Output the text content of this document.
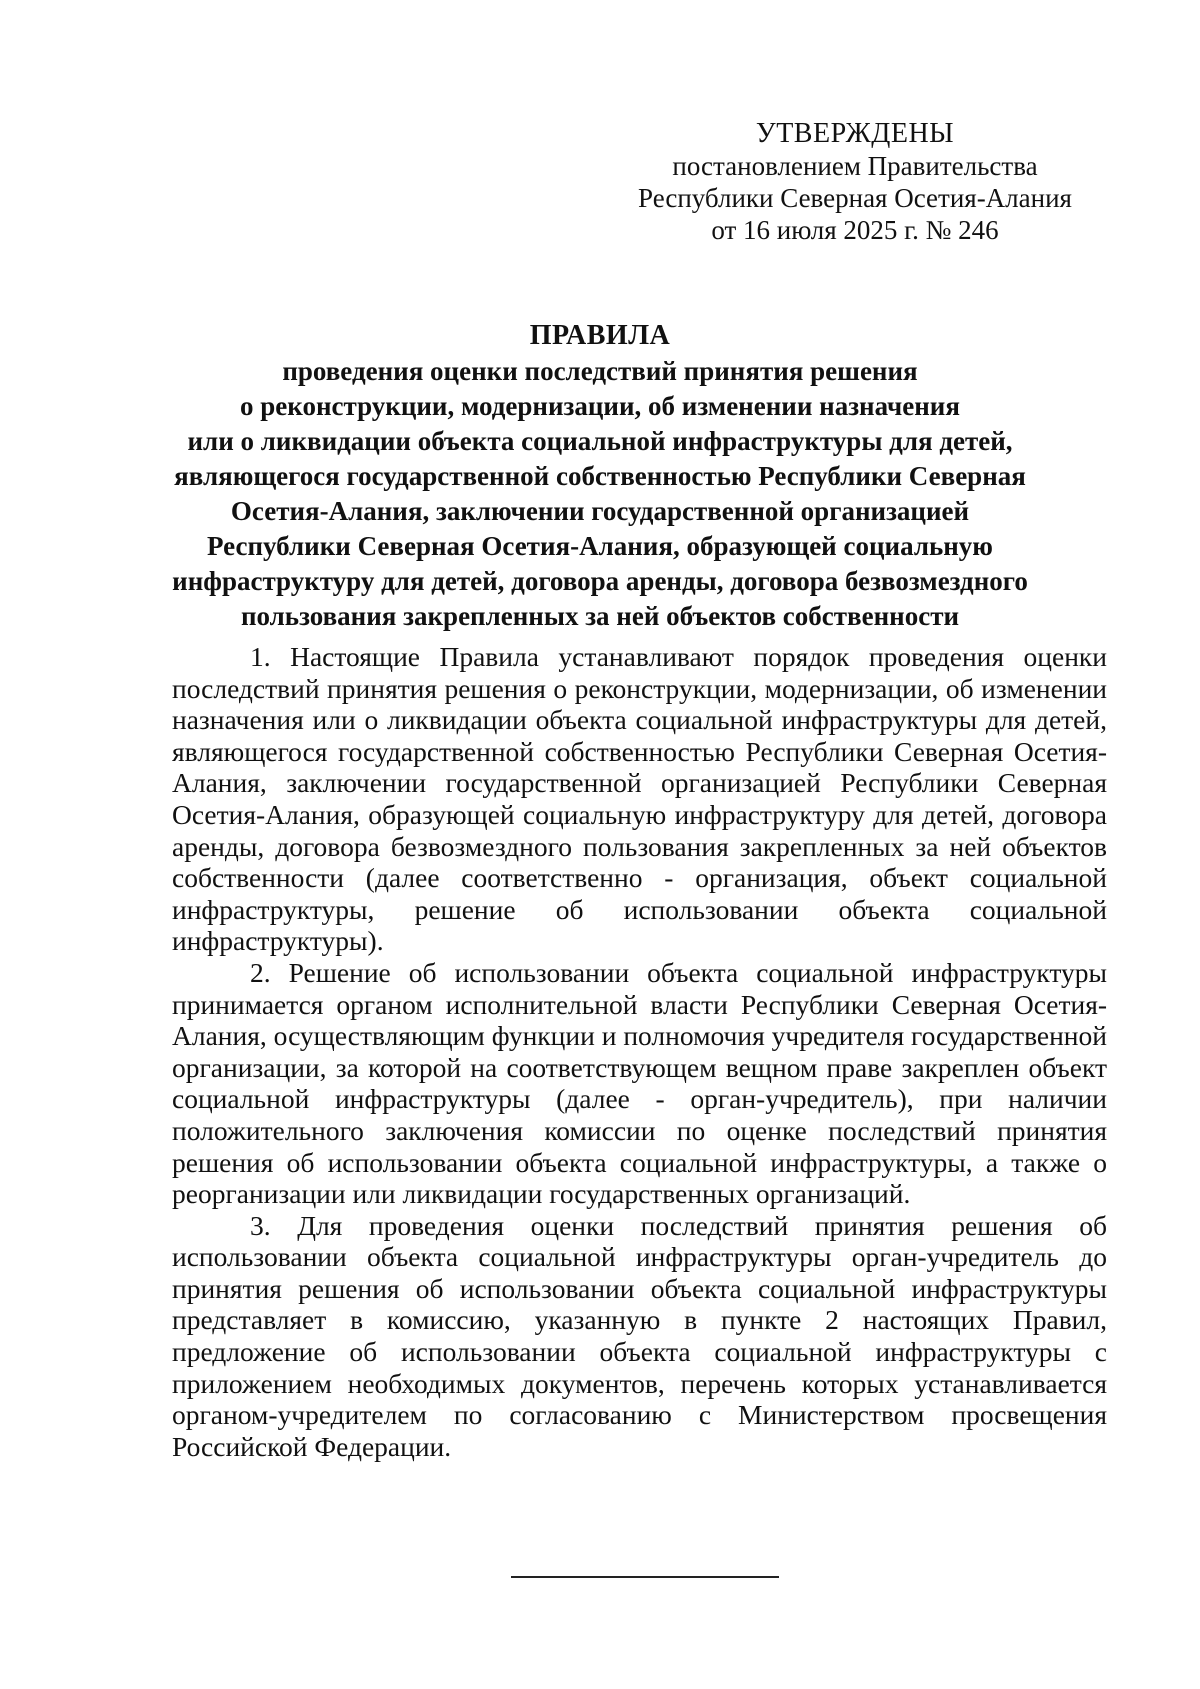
УТВЕРЖДЕНЫ
постановлением Правительства
Республики Северная Осетия-Алания
от 16 июля 2025 г. № 246
ПРАВИЛА
проведения оценки последствий принятия решения
о реконструкции, модернизации, об изменении назначения
или о ликвидации объекта социальной инфраструктуры для детей,
являющегося государственной собственностью Республики Северная
Осетия-Алания, заключении государственной организацией
Республики Северная Осетия-Алания, образующей социальную
инфраструктуру для детей, договора аренды, договора безвозмездного
пользования закрепленных за ней объектов собственности

1. Настоящие Правила устанавливают порядок проведения оценки последствий принятия решения о реконструкции, модернизации, об изменении назначения или о ликвидации объекта социальной инфраструктуры для детей, являющегося государственной собственностью Республики Северная Осетия-Алания, заключении государственной организацией Республики Северная Осетия-Алания, образующей социальную инфраструктуру для детей, договора аренды, договора безвозмездного пользования закрепленных за ней объектов собственности (далее соответственно - организация, объект социальной инфраструктуры, решение об использовании объекта социальной инфраструктуры).

2. Решение об использовании объекта социальной инфраструктуры принимается органом исполнительной власти Республики Северная Осетия-Алания, осуществляющим функции и полномочия учредителя государственной организации, за которой на соответствующем вещном праве закреплен объект социальной инфраструктуры (далее - орган-учредитель), при наличии положительного заключения комиссии по оценке последствий принятия решения об использовании объекта социальной инфраструктуры, а также о реорганизации или ликвидации государственных организаций.

3. Для проведения оценки последствий принятия решения об использовании объекта социальной инфраструктуры орган-учредитель до принятия решения об использовании объекта социальной инфраструктуры представляет в комиссию, указанную в пункте 2 настоящих Правил, предложение об использовании объекта социальной инфраструктуры с приложением необходимых документов, перечень которых устанавливается органом-учредителем по согласованию с Министерством просвещения Российской Федерации.
